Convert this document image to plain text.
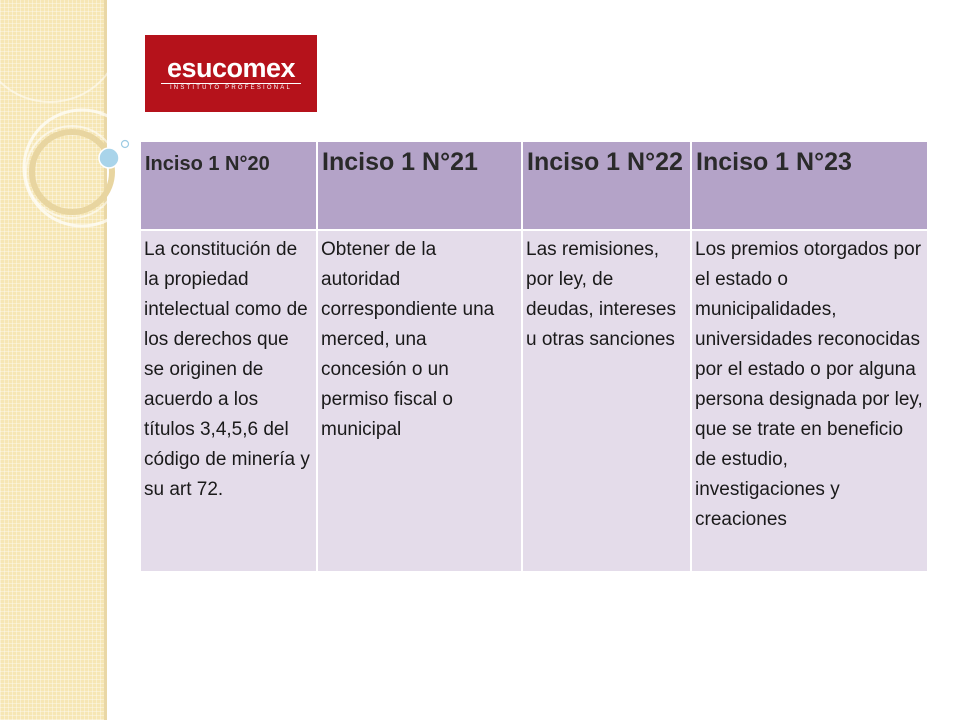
esucomex
INSTITUTO PROFESIONAL
Inciso 1 N°20	Inciso 1 N°21	Inciso 1 N°22	Inciso 1 N°23
La constitución de la propiedad intelectual como de los derechos que se originen de acuerdo a los títulos 3,4,5,6 del código de minería y su art 72.	Obtener de la autoridad correspondiente una merced, una concesión o un permiso fiscal o municipal	Las remisiones, por ley, de deudas, intereses u otras sanciones	Los premios otorgados por el estado o municipalidades, universidades reconocidas por el estado o por alguna persona designada por ley, que se trate en beneficio de estudio, investigaciones y creaciones
